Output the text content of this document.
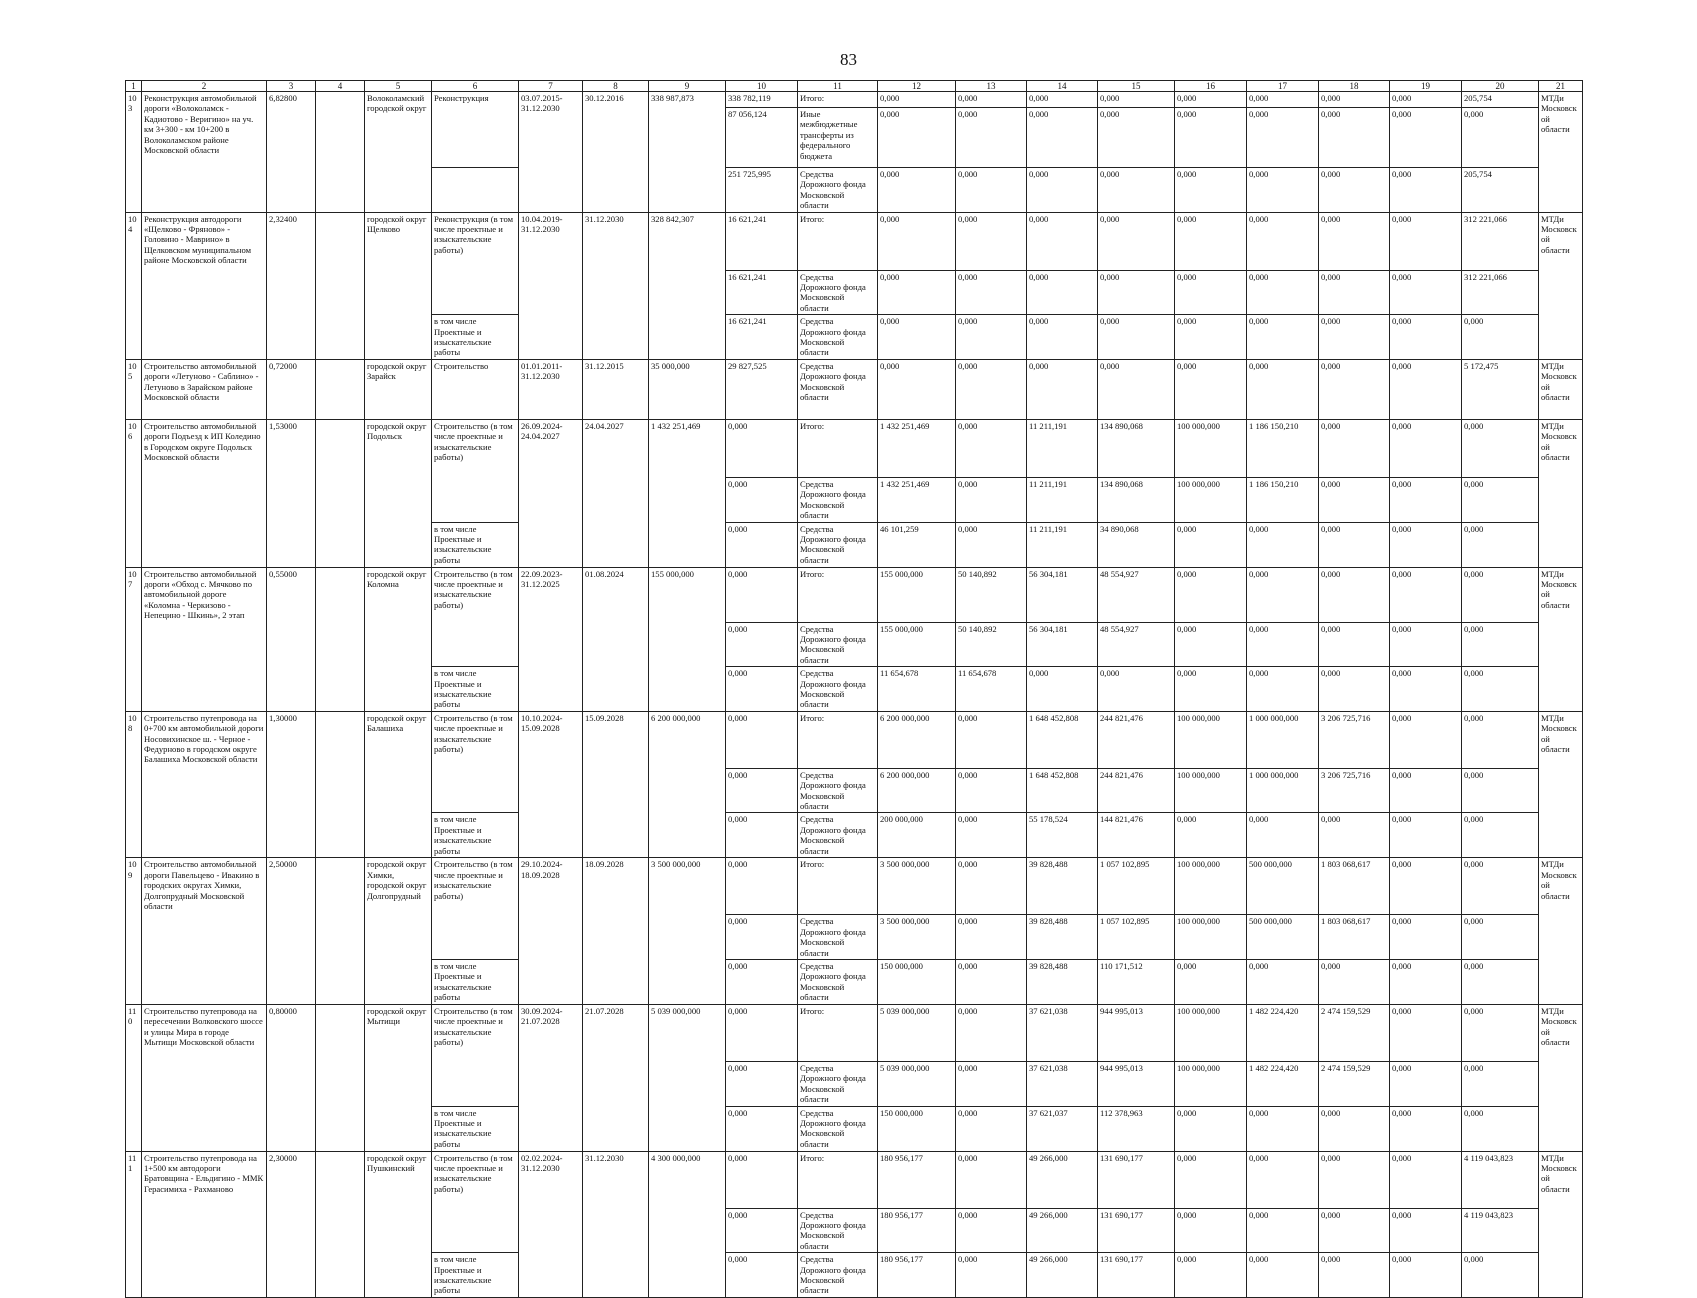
83
1	2	3	4	5	6	7	8	9	10	11	12	13	14	15	16	17	18	19	20	21
103	Реконструкция автомобильной дороги «Волоколамск - Кадиотово - Веригино» на уч. км 3+300 - км 10+200 в Волоколамском районе Московской области	6,82800		Волоколамский городской округ	Реконструкция	03.07.2015-31.12.2030	30.12.2016	338 987,873	338 782,119	Итого:	0,000	0,000	0,000	0,000	0,000	0,000	0,000	0,000	205,754	МТДи Московской области
									87 056,124	Иные межбюджетные трансферты из федерального бюджета	0,000	0,000	0,000	0,000	0,000	0,000	0,000	0,000	0,000	
									251 725,995	Средства Дорожного фонда Московской области	0,000	0,000	0,000	0,000	0,000	0,000	0,000	0,000	205,754	
104	Реконструкция автодороги «Щелково - Фряново» - Головино - Мавринo» в Щелковском муниципальном районе Московской области	2,32400		городской округ Щелково	Реконструкция (в том числе проектные и изыскательские работы)	10.04.2019-31.12.2030	31.12.2030	328 842,307	16 621,241	Итого:	0,000	0,000	0,000	0,000	0,000	0,000	0,000	0,000	312 221,066	МТДи Московской области
									16 621,241	Средства Дорожного фонда Московской области	0,000	0,000	0,000	0,000	0,000	0,000	0,000	0,000	312 221,066	
					в том числе Проектные и изыскательские работы				16 621,241	Средства Дорожного фонда Московской области	0,000	0,000	0,000	0,000	0,000	0,000	0,000	0,000	0,000	
105	Строительство автомобильной дороги «Летуново - Саблино» - Летуново в Зарайском районе Московской области	0,72000		городской округ Зарайск	Строительство	01.01.2011-31.12.2030	31.12.2015	35 000,000	29 827,525	Средства Дорожного фонда Московской области	0,000	0,000	0,000	0,000	0,000	0,000	0,000	0,000	5 172,475	МТДи Московской области
106	Строительство автомобильной дороги Подъезд к ИП Коледино в Городском округе Подольск Московской области	1,53000		городской округ Подольск	Строительство (в том числе проектные и изыскательские работы)	26.09.2024-24.04.2027	24.04.2027	1 432 251,469	0,000	Итого:	1 432 251,469	0,000	11 211,191	134 890,068	100 000,000	1 186 150,210	0,000	0,000	0,000	МТДи Московской области
									0,000	Средства Дорожного фонда Московской области	1 432 251,469	0,000	11 211,191	134 890,068	100 000,000	1 186 150,210	0,000	0,000	0,000	
					в том числе Проектные и изыскательские работы				0,000	Средства Дорожного фонда Московской области	46 101,259	0,000	11 211,191	34 890,068	0,000	0,000	0,000	0,000	0,000	
107	Строительство автомобильной дороги «Обход с. Мячково по автомобильной дороге «Коломна - Черкизово - Непецино - Шкинь», 2 этап	0,55000		городской округ Коломна	Строительство (в том числе проектные и изыскательские работы)	22.09.2023-31.12.2025	01.08.2024	155 000,000	0,000	Итого:	155 000,000	50 140,892	56 304,181	48 554,927	0,000	0,000	0,000	0,000	0,000	МТДи Московской области
									0,000	Средства Дорожного фонда Московской области	155 000,000	50 140,892	56 304,181	48 554,927	0,000	0,000	0,000	0,000	0,000	
					в том числе Проектные и изыскательские работы				0,000	Средства Дорожного фонда Московской области	11 654,678	11 654,678	0,000	0,000	0,000	0,000	0,000	0,000	0,000	
108	Строительство путепровода на 0+700 км автомобильной дороги Носовихинское ш. - Черное - Федурново в городском округе Балашиха Московской области	1,30000		городской округ Балашиха	Строительство (в том числе проектные и изыскательские работы)	10.10.2024-15.09.2028	15.09.2028	6 200 000,000	0,000	Итого:	6 200 000,000	0,000	1 648 452,808	244 821,476	100 000,000	1 000 000,000	3 206 725,716	0,000	0,000	МТДи Московской области
									0,000	Средства Дорожного фонда Московской области	6 200 000,000	0,000	1 648 452,808	244 821,476	100 000,000	1 000 000,000	3 206 725,716	0,000	0,000	
					в том числе Проектные и изыскательские работы				0,000	Средства Дорожного фонда Московской области	200 000,000	0,000	55 178,524	144 821,476	0,000	0,000	0,000	0,000	0,000	
109	Строительство автомобильной дороги Павельцево - Ивакино в городских округах Химки, Долгопрудный Московской области	2,50000		городской округ Химки, городской округ Долгопрудный	Строительство (в том числе проектные и изыскательские работы)	29.10.2024-18.09.2028	18.09.2028	3 500 000,000	0,000	Итого:	3 500 000,000	0,000	39 828,488	1 057 102,895	100 000,000	500 000,000	1 803 068,617	0,000	0,000	МТДи Московской области
									0,000	Средства Дорожного фонда Московской области	3 500 000,000	0,000	39 828,488	1 057 102,895	100 000,000	500 000,000	1 803 068,617	0,000	0,000	
					в том числе Проектные и изыскательские работы				0,000	Средства Дорожного фонда Московской области	150 000,000	0,000	39 828,488	110 171,512	0,000	0,000	0,000	0,000	0,000	
110	Строительство путепровода на пересечении Волковского шоссе и улицы Мира в городе Мытищи Московской области	0,80000		городской округ Мытищи	Строительство (в том числе проектные и изыскательские работы)	30.09.2024-21.07.2028	21.07.2028	5 039 000,000	0,000	Итого:	5 039 000,000	0,000	37 621,038	944 995,013	100 000,000	1 482 224,420	2 474 159,529	0,000	0,000	МТДи Московской области
									0,000	Средства Дорожного фонда Московской области	5 039 000,000	0,000	37 621,038	944 995,013	100 000,000	1 482 224,420	2 474 159,529	0,000	0,000	
					в том числе Проектные и изыскательские работы				0,000	Средства Дорожного фонда Московской области	150 000,000	0,000	37 621,037	112 378,963	0,000	0,000	0,000	0,000	0,000	
111	Строительство путепровода на 1+500 км автодороги Братовщина - Ельдигино - ММК Герасимиха - Рахманово	2,30000		городской округ Пушкинский	Строительство (в том числе проектные и изыскательские работы)	02.02.2024-31.12.2030	31.12.2030	4 300 000,000	0,000	Итого:	180 956,177	0,000	49 266,000	131 690,177	0,000	0,000	0,000	0,000	4 119 043,823	МТДи Московской области
									0,000	Средства Дорожного фонда Московской области	180 956,177	0,000	49 266,000	131 690,177	0,000	0,000	0,000	0,000	4 119 043,823	
					в том числе Проектные и изыскательские работы				0,000	Средства Дорожного фонда Московской области	180 956,177	0,000	49 266,000	131 690,177	0,000	0,000	0,000	0,000	0,000	
